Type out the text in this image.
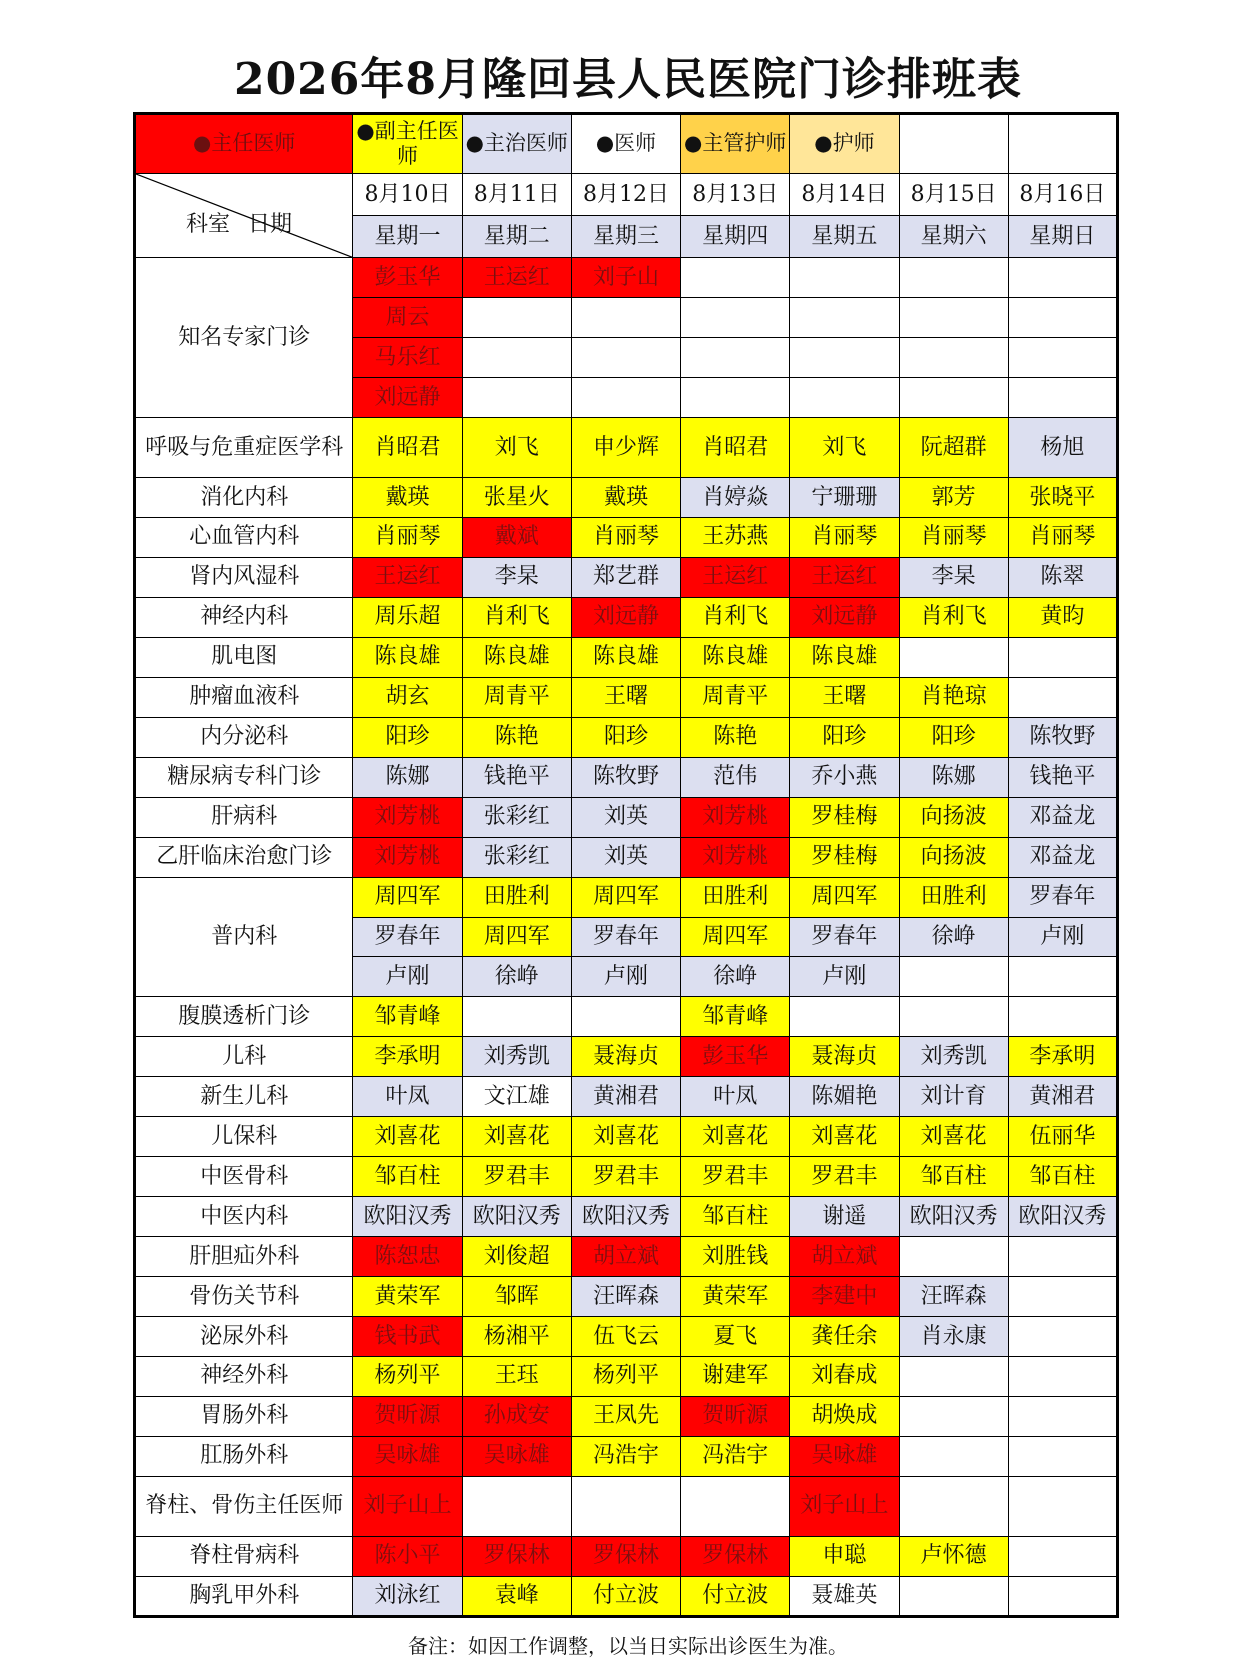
2026年8月隆回县人民医院门诊排班表
●主任医师	●副主任医师	●主治医师	●医师	●主管护师	●护师		

科室 日期	8月10日	8月11日	8月12日	8月13日	8月14日	8月15日	8月16日
	星期一	星期二	星期三	星期四	星期五	星期六	星期日
知名专家门诊	彭玉华	王运红	刘子山				
	周云						
	马乐红						
	刘远静						
呼吸与危重症医学科	肖昭君	刘飞	申少辉	肖昭君	刘飞	阮超群	杨旭
消化内科	戴瑛	张星火	戴瑛	肖婷焱	宁珊珊	郭芳	张晓平
心血管内科	肖丽琴	戴斌	肖丽琴	王苏燕	肖丽琴	肖丽琴	肖丽琴
肾内风湿科	王运红	李杲	郑艺群	王运红	王运红	李杲	陈翠
神经内科	周乐超	肖利飞	刘远静	肖利飞	刘远静	肖利飞	黄昀
肌电图	陈良雄	陈良雄	陈良雄	陈良雄	陈良雄		
肿瘤血液科	胡玄	周青平	王曙	周青平	王曙	肖艳琼	
内分泌科	阳珍	陈艳	阳珍	陈艳	阳珍	阳珍	陈牧野
糖尿病专科门诊	陈娜	钱艳平	陈牧野	范伟	乔小燕	陈娜	钱艳平
肝病科	刘芳桃	张彩红	刘英	刘芳桃	罗桂梅	向扬波	邓益龙
乙肝临床治愈门诊	刘芳桃	张彩红	刘英	刘芳桃	罗桂梅	向扬波	邓益龙
普内科	周四军	田胜利	周四军	田胜利	周四军	田胜利	罗春年
	罗春年	周四军	罗春年	周四军	罗春年	徐峥	卢刚
	卢刚	徐峥	卢刚	徐峥	卢刚		
腹膜透析门诊	邹青峰			邹青峰			
儿科	李承明	刘秀凯	聂海贞	彭玉华	聂海贞	刘秀凯	李承明
新生儿科	叶凤	文江雄	黄湘君	叶凤	陈媚艳	刘计育	黄湘君
儿保科	刘喜花	刘喜花	刘喜花	刘喜花	刘喜花	刘喜花	伍丽华
中医骨科	邹百柱	罗君丰	罗君丰	罗君丰	罗君丰	邹百柱	邹百柱
中医内科	欧阳汉秀	欧阳汉秀	欧阳汉秀	邹百柱	谢遥	欧阳汉秀	欧阳汉秀
肝胆疝外科	陈恕忠	刘俊超	胡立斌	刘胜钱	胡立斌		
骨伤关节科	黄荣军	邹晖	汪晖森	黄荣军	李建中	汪晖森	
泌尿外科	钱书武	杨湘平	伍飞云	夏飞	龚任余	肖永康	
神经外科	杨列平	王珏	杨列平	谢建军	刘春成		
胃肠外科	贺昕源	孙成安	王凤先	贺昕源	胡焕成		
肛肠外科	吴咏雄	吴咏雄	冯浩宇	冯浩宇	吴咏雄		
脊柱、骨伤主任医师	刘子山上				刘子山上		
脊柱骨病科	陈小平	罗保林	罗保林	罗保林	申聪	卢怀德	
胸乳甲外科	刘泳红	袁峰	付立波	付立波	聂雄英		
备注：如因工作调整，以当日实际出诊医生为准。
